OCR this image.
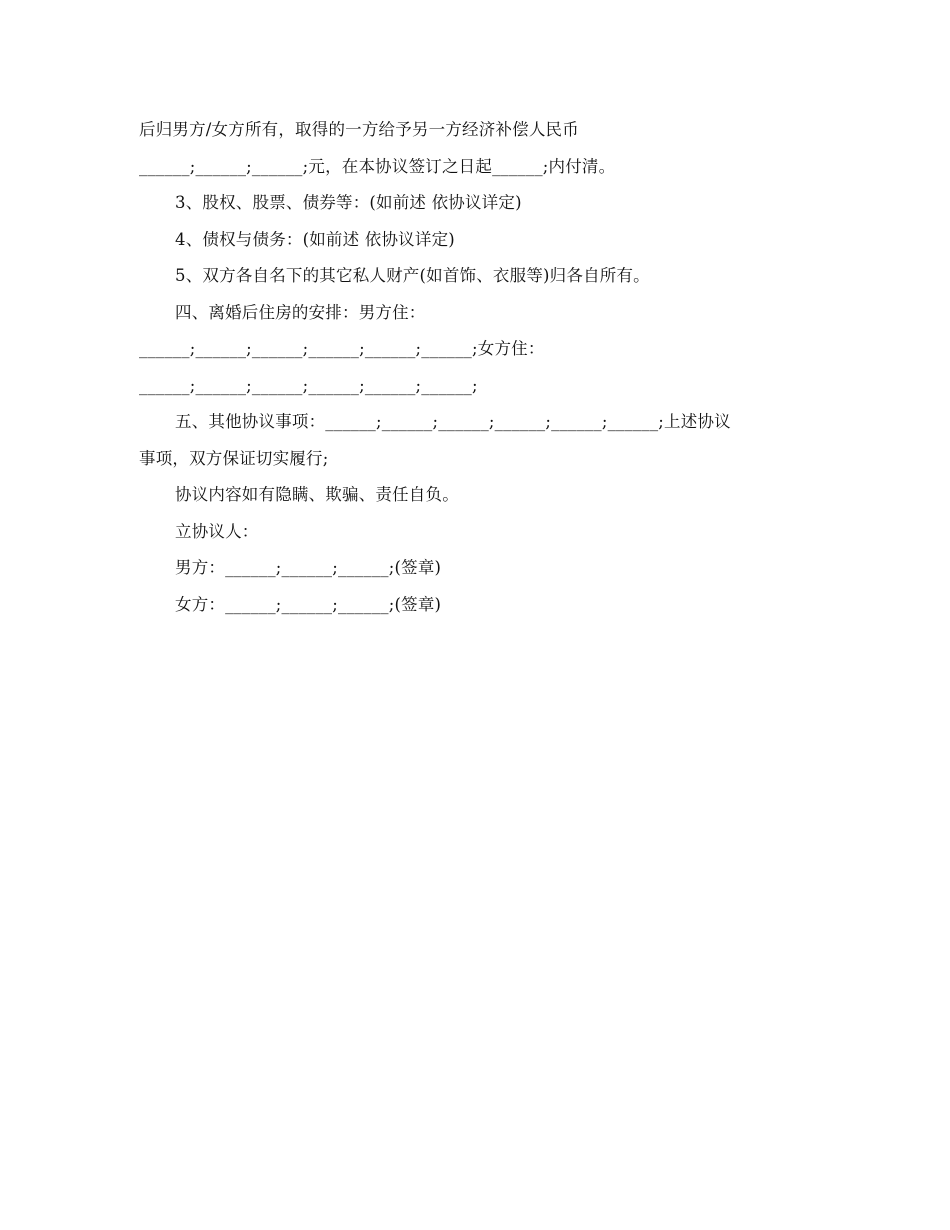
后归男方/女方所有，取得的一方给予另一方经济补偿人民币
______;______;______;元，在本协议签订之日起______;内付清。
3、股权、股票、债券等：(如前述 依协议详定)
4、债权与债务：(如前述 依协议详定)
5、双方各自名下的其它私人财产(如首饰、衣服等)归各自所有。
四、离婚后住房的安排：男方住：
______;______;______;______;______;______;女方住：
______;______;______;______;______;______;
五、其他协议事项：______;______;______;______;______;______;上述协议
事项，双方保证切实履行;
协议内容如有隐瞒、欺骗、责任自负。
立协议人：
男方：______;______;______;(签章)
女方：______;______;______;(签章)
